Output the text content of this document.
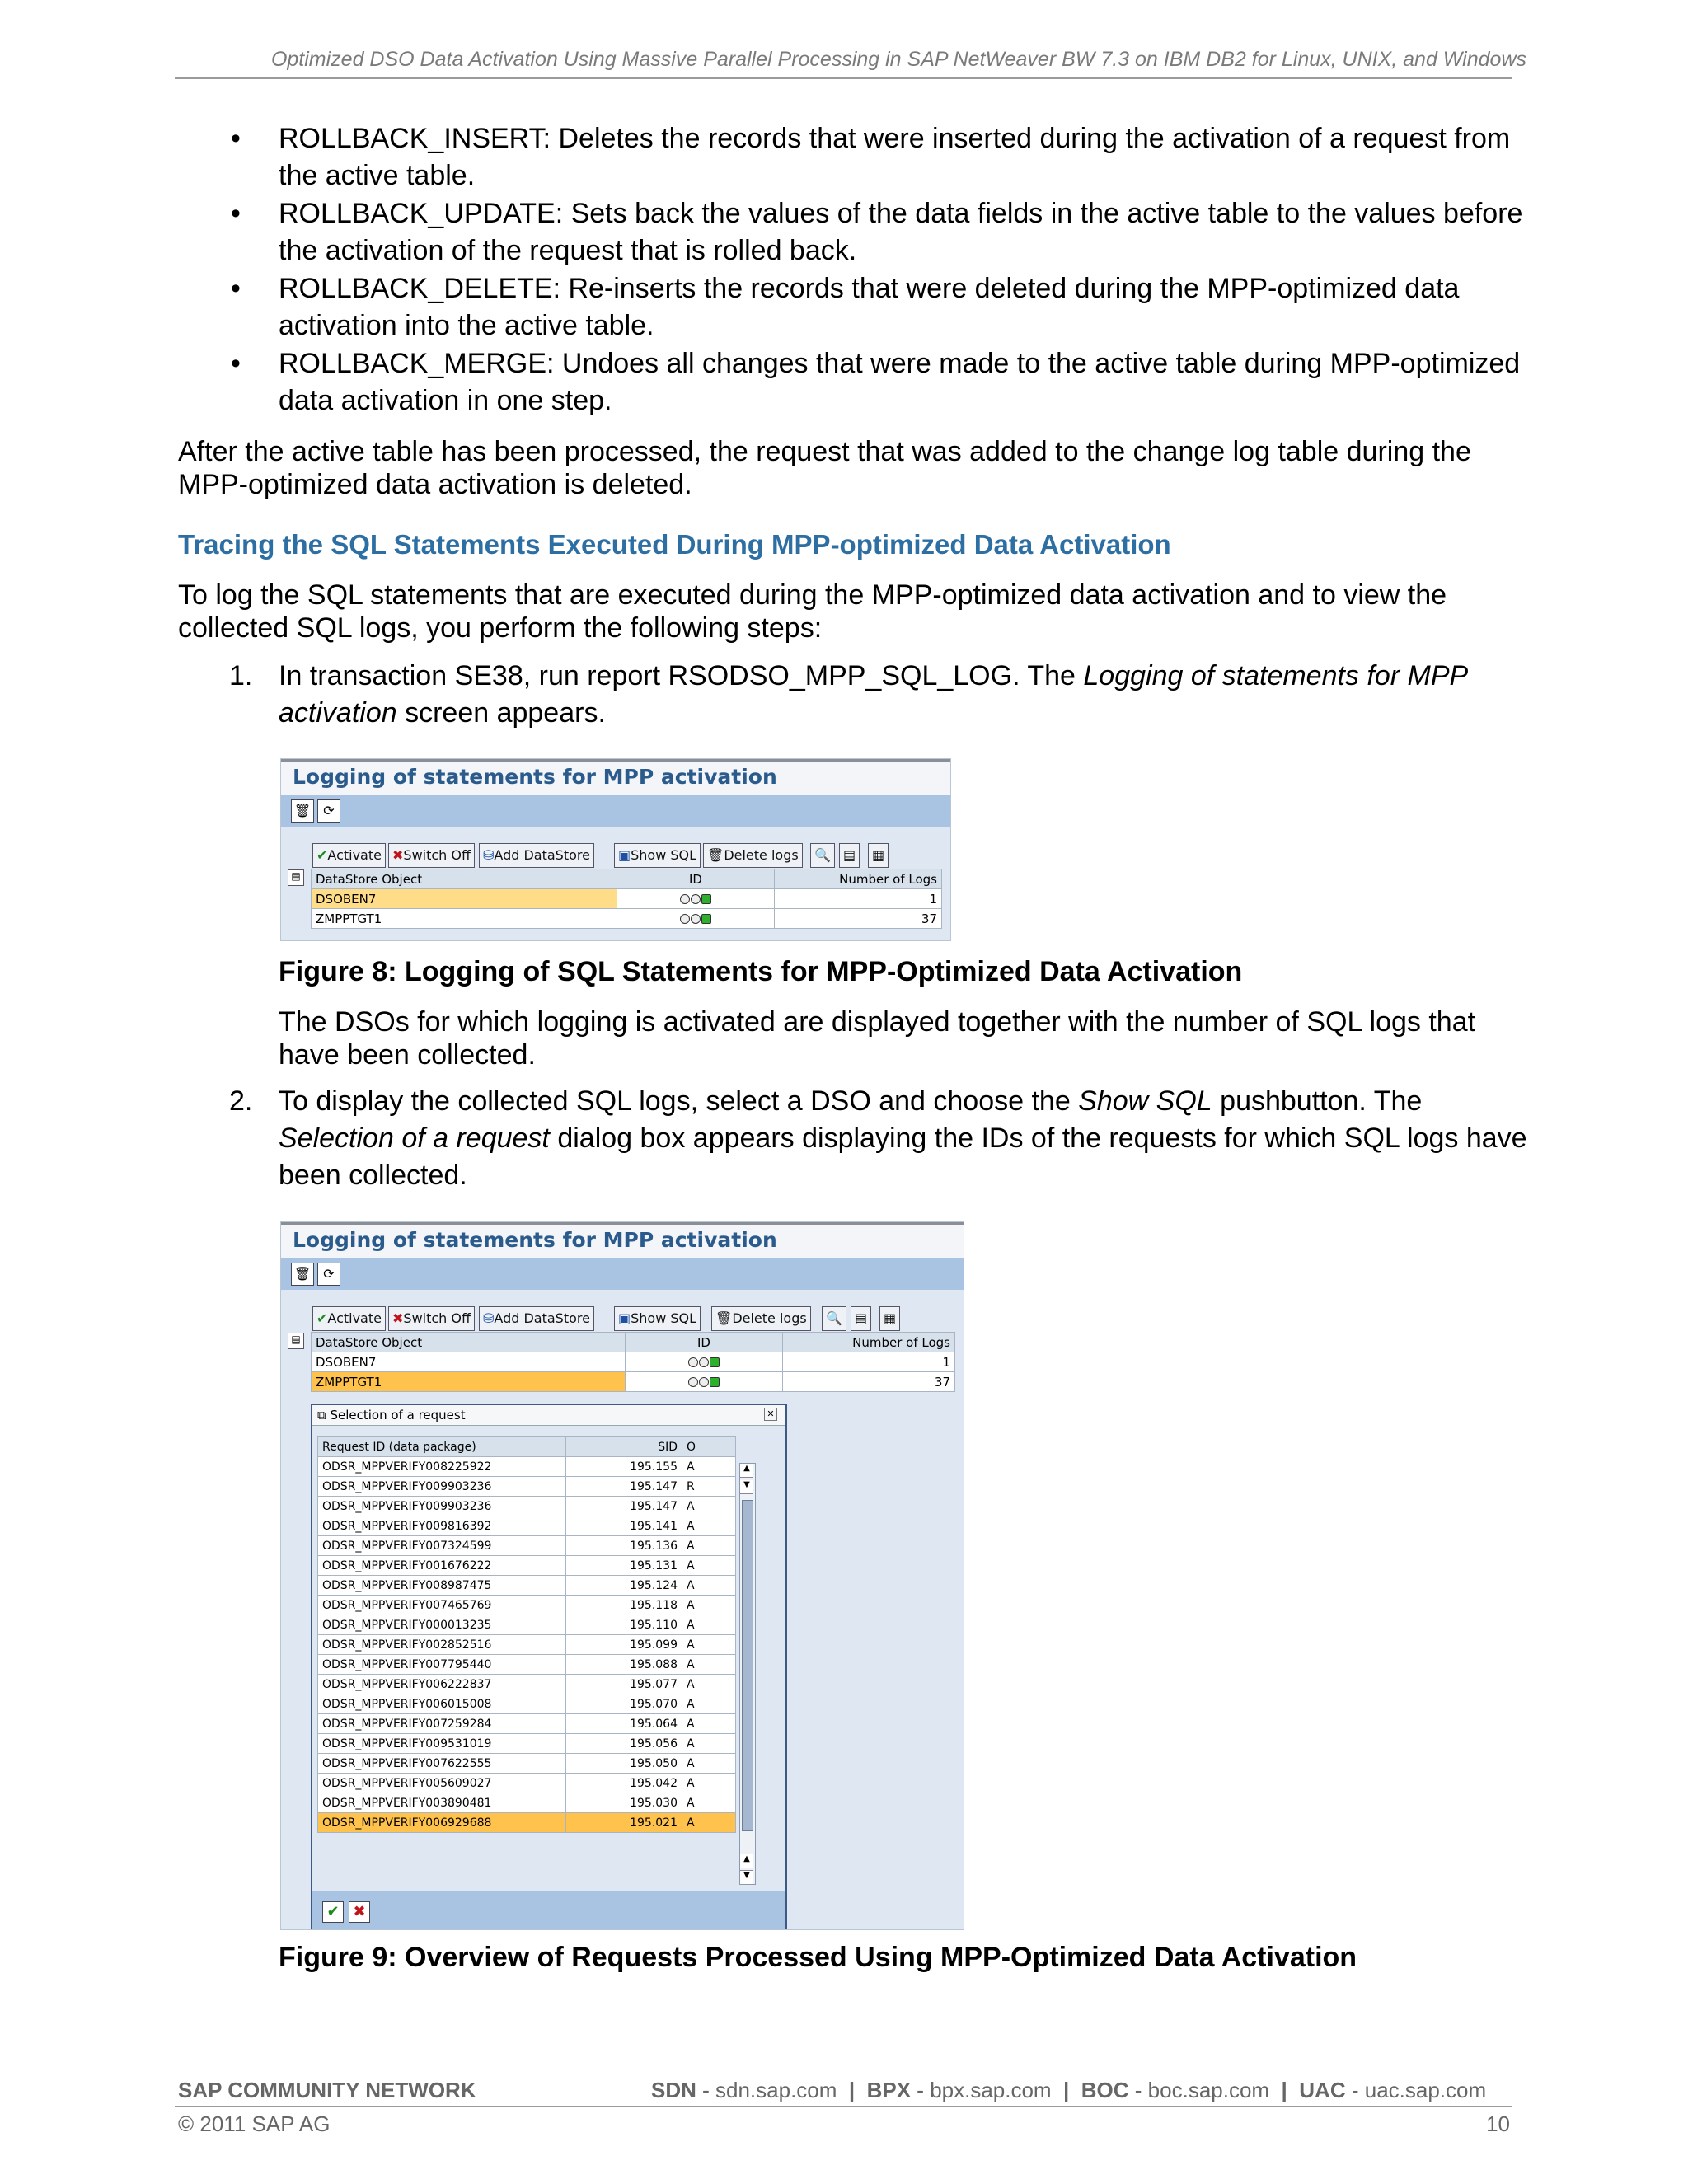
Optimized DSO Data Activation Using Massive Parallel Processing in SAP NetWeaver BW 7.3 on IBM DB2 for Linux, UNIX, and Windows
• ROLLBACK_INSERT: Deletes the records that were inserted during the activation of a request from
the active table.
• ROLLBACK_UPDATE: Sets back the values of the data fields in the active table to the values before
the activation of the request that is rolled back.
• ROLLBACK_DELETE: Re-inserts the records that were deleted during the MPP-optimized data
activation into the active table.
• ROLLBACK_MERGE: Undoes all changes that were made to the active table during MPP-optimized
data activation in one step.
After the active table has been processed, the request that was added to the change log table during the
MPP-optimized data activation is deleted.
Tracing the SQL Statements Executed During MPP-optimized Data Activation
To log the SQL statements that are executed during the MPP-optimized data activation and to view the
collected SQL logs, you perform the following steps:
1. In transaction SE38, run report RSODSO_MPP_SQL_LOG. The Logging of statements for MPP
activation screen appears.
Logging of statements for MPP activation
🗑 ⟳
✔Activate ✖Switch Off ⛁Add DataStore	▣Show SQL 🗑Delete logs	🔍 ▤	▦
▤ DataStore Object	ID	Number of Logs
DSOBEN7		1
ZMPPTGT1		37
Figure 8: Logging of SQL Statements for MPP-Optimized Data Activation
The DSOs for which logging is activated are displayed together with the number of SQL logs that
have been collected.
2. To display the collected SQL logs, select a DSO and choose the Show SQL pushbutton. The
Selection of a request dialog box appears displaying the IDs of the requests for which SQL logs have
been collected.
Logging of statements for MPP activation
🗑 ⟳
✔Activate ✖Switch Off ⛁Add DataStore	▣Show SQL	🗑Delete logs	🔍 ▤	▦
▤ DataStore Object	ID	Number of Logs
DSOBEN7		1
ZMPPTGT1		37
⧉ Selection of a request	✕
Request ID (data package)	SID	O
ODSR_MPPVERIFY008225922	195.155	A
ODSR_MPPVERIFY009903236	195.147	R
ODSR_MPPVERIFY009903236	195.147	A
ODSR_MPPVERIFY009816392	195.141	A
ODSR_MPPVERIFY007324599	195.136	A
ODSR_MPPVERIFY001676222	195.131	A
ODSR_MPPVERIFY008987475	195.124	A
ODSR_MPPVERIFY007465769	195.118	A
ODSR_MPPVERIFY000013235	195.110	A
ODSR_MPPVERIFY002852516	195.099	A
ODSR_MPPVERIFY007795440	195.088	A
ODSR_MPPVERIFY006222837	195.077	A
ODSR_MPPVERIFY006015008	195.070	A
ODSR_MPPVERIFY007259284	195.064	A
ODSR_MPPVERIFY009531019	195.056	A
ODSR_MPPVERIFY007622555	195.050	A
ODSR_MPPVERIFY005609027	195.042	A
ODSR_MPPVERIFY003890481	195.030	A
ODSR_MPPVERIFY006929688	195.021	A
▲
▼
▲
▼
✔ ✖
Figure 9: Overview of Requests Processed Using MPP-Optimized Data Activation
SAP COMMUNITY NETWORK	SDN - sdn.sap.com | BPX - bpx.sap.com | BOC - boc.sap.com | UAC - uac.sap.com
© 2011 SAP AG	10
